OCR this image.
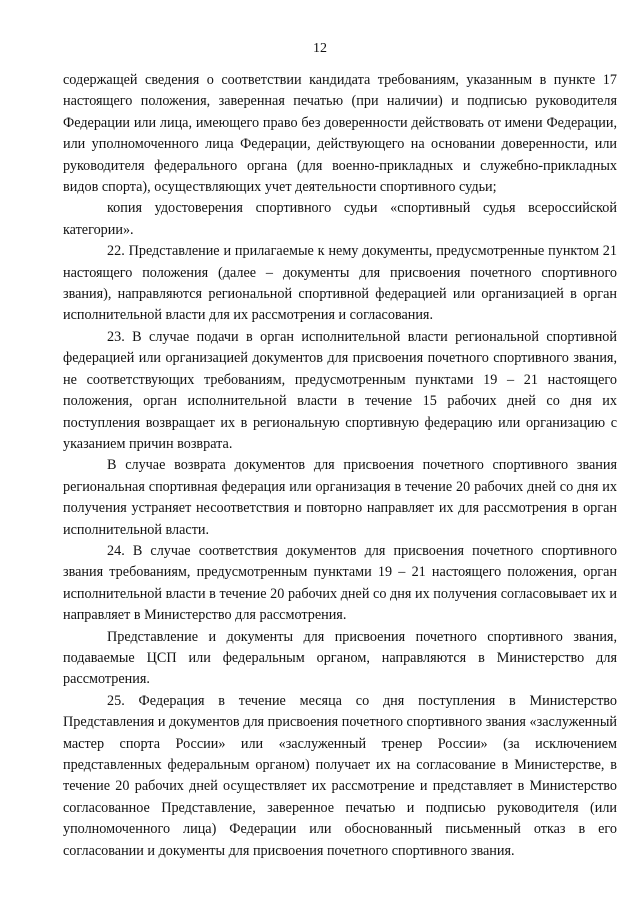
12

содержащей сведения о соответствии кандидата требованиям, указанным в пункте 17 настоящего положения, заверенная печатью (при наличии) и подписью руководителя Федерации или лица, имеющего право без доверенности действовать от имени Федерации, или уполномоченного лица Федерации, действующего на основании доверенности, или руководителя федерального органа (для военно-прикладных и служебно-прикладных видов спорта), осуществляющих учет деятельности спортивного судьи;

копия удостоверения спортивного судьи «спортивный судья всероссийской категории».

22. Представление и прилагаемые к нему документы, предусмотренные пунктом 21 настоящего положения (далее – документы для присвоения почетного спортивного звания), направляются региональной спортивной федерацией или организацией в орган исполнительной власти для их рассмотрения и согласования.

23. В случае подачи в орган исполнительной власти региональной спортивной федерацией или организацией документов для присвоения почетного спортивного звания, не соответствующих требованиям, предусмотренным пунктами 19 – 21 настоящего положения, орган исполнительной власти в течение 15 рабочих дней со дня их поступления возвращает их в региональную спортивную федерацию или организацию с указанием причин возврата.

В случае возврата документов для присвоения почетного спортивного звания региональная спортивная федерация или организация в течение 20 рабочих дней со дня их получения устраняет несоответствия и повторно направляет их для рассмотрения в орган исполнительной власти.

24. В случае соответствия документов для присвоения почетного спортивного звания требованиям, предусмотренным пунктами 19 – 21 настоящего положения, орган исполнительной власти в течение 20 рабочих дней со дня их получения согласовывает их и направляет в Министерство для рассмотрения.

Представление и документы для присвоения почетного спортивного звания, подаваемые ЦСП или федеральным органом, направляются в Министерство для рассмотрения.

25. Федерация в течение месяца со дня поступления в Министерство Представления и документов для присвоения почетного спортивного звания «заслуженный мастер спорта России» или «заслуженный тренер России» (за исключением представленных федеральным органом) получает их на согласование в Министерстве, в течение 20 рабочих дней осуществляет их рассмотрение и представляет в Министерство согласованное Представление, заверенное печатью и подписью руководителя (или уполномоченного лица) Федерации или обоснованный письменный отказ в его согласовании и документы для присвоения почетного спортивного звания.
